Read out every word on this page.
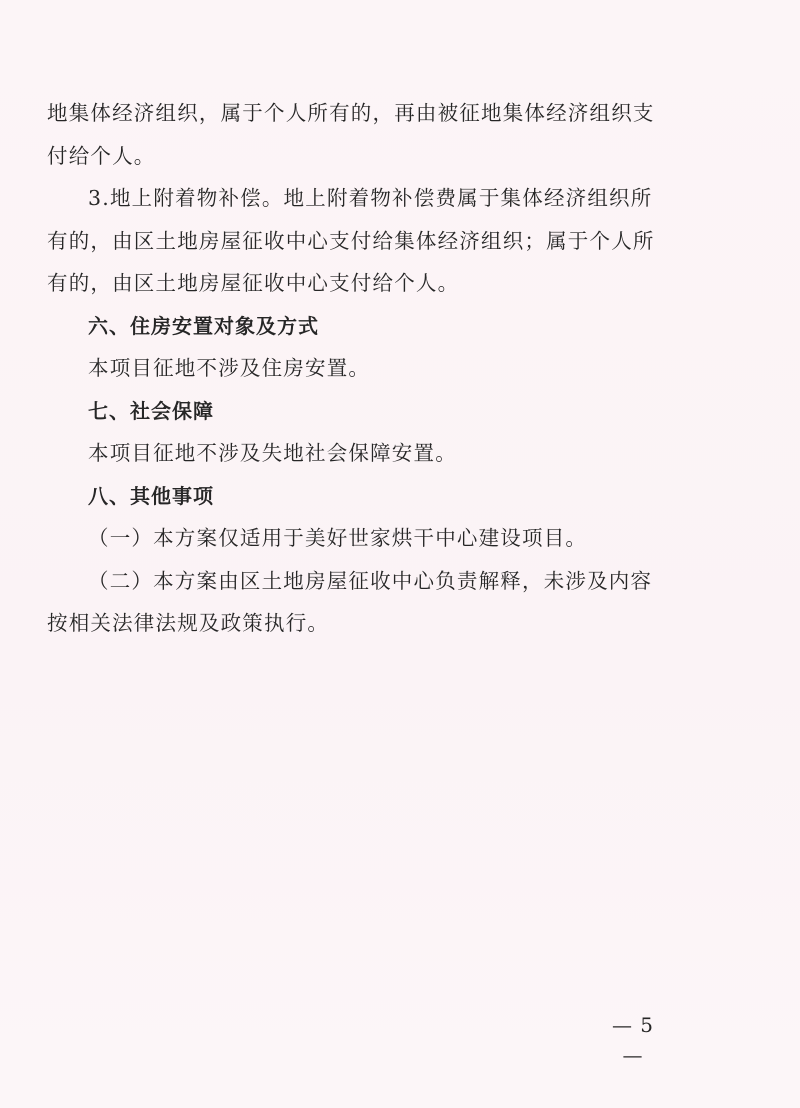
地集体经济组织，属于个人所有的，再由被征地集体经济组织支
付给个人。
3.地上附着物补偿。地上附着物补偿费属于集体经济组织所
有的，由区土地房屋征收中心支付给集体经济组织；属于个人所
有的，由区土地房屋征收中心支付给个人。
六、住房安置对象及方式
本项目征地不涉及住房安置。
七、社会保障
本项目征地不涉及失地社会保障安置。
八、其他事项
（一）本方案仅适用于美好世家烘干中心建设项目。
（二）本方案由区土地房屋征收中心负责解释，未涉及内容
按相关法律法规及政策执行。
— 5 —
